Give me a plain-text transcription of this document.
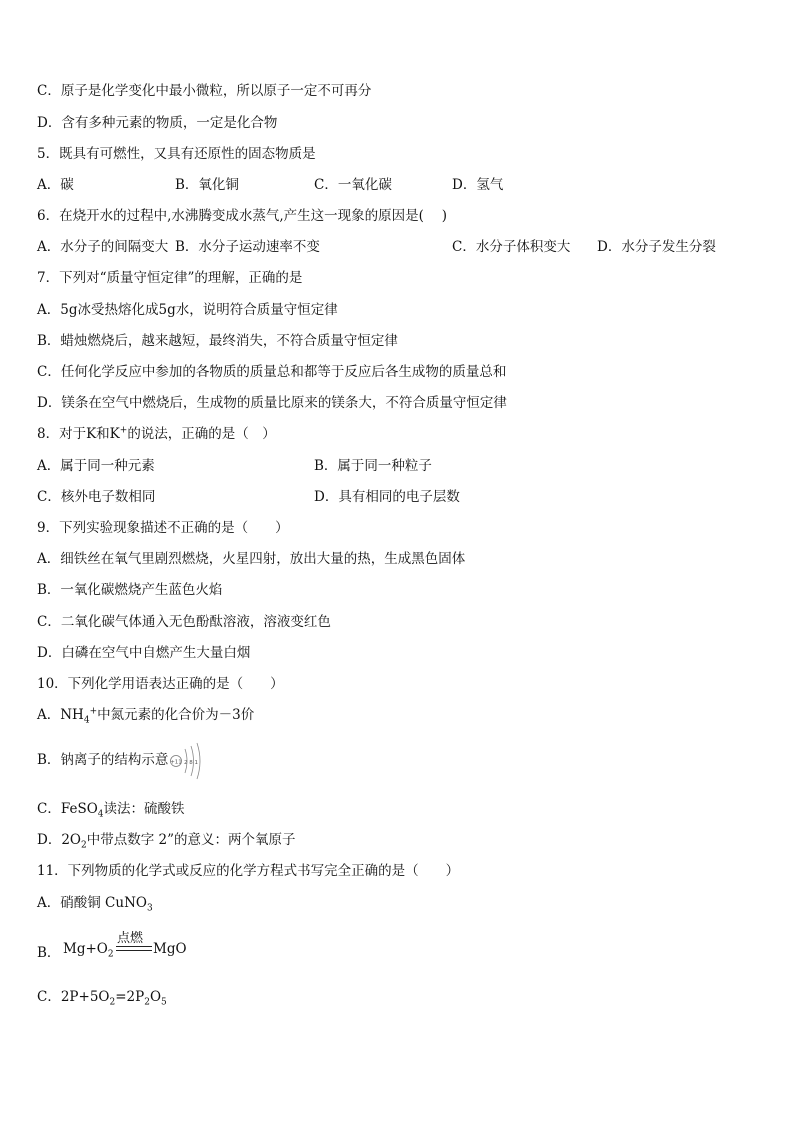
C．原子是化学变化中最小微粒，所以原子一定不可再分
D．含有多种元素的物质，一定是化合物
5．既具有可燃性，又具有还原性的固态物质是
A．碳	B．氧化铜	C．一氧化碳	D．氢气
6．在烧开水的过程中,水沸腾变成水蒸气,产生这一现象的原因是(　 )
A．水分子的间隔变大 B．水分子运动速率不变	C．水分子体积变大 D．水分子发生分裂
7．下列对“质量守恒定律”的理解，正确的是
A．5g冰受热熔化成5g水，说明符合质量守恒定律
B．蜡烛燃烧后，越来越短，最终消失，不符合质量守恒定律
C．任何化学反应中参加的各物质的质量总和都等于反应后各生成物的质量总和
D．镁条在空气中燃烧后，生成物的质量比原来的镁条大，不符合质量守恒定律
8．对于K和K+的说法，正确的是（　）
A．属于同一种元素	B．属于同一种粒子
C．核外电子数相同	D．具有相同的电子层数
9．下列实验现象描述不正确的是（　　）
A．细铁丝在氧气里剧烈燃烧，火星四射，放出大量的热，生成黑色固体
B．一氧化碳燃烧产生蓝色火焰
C．二氧化碳气体通入无色酚酞溶液，溶液变红色
D．白磷在空气中自燃产生大量白烟
10．下列化学用语表达正确的是（　　）
A．$NH_4^+$中氮元素的化合价为－3价
B．钠离子的结构示意 +11 2 8 1
C．FeSO$_4$读法：硫酸铁
D．$2O_2$中带点数字 2”的意义：两个氧原子
11．下列物质的化学式或反应的化学方程式书写完全正确的是（　　）
A．硝酸铜 CuNO$_3$
B． $Mg+O_2$
点燃
MgO
C．$2P+5O_2=2P_2O_5$
